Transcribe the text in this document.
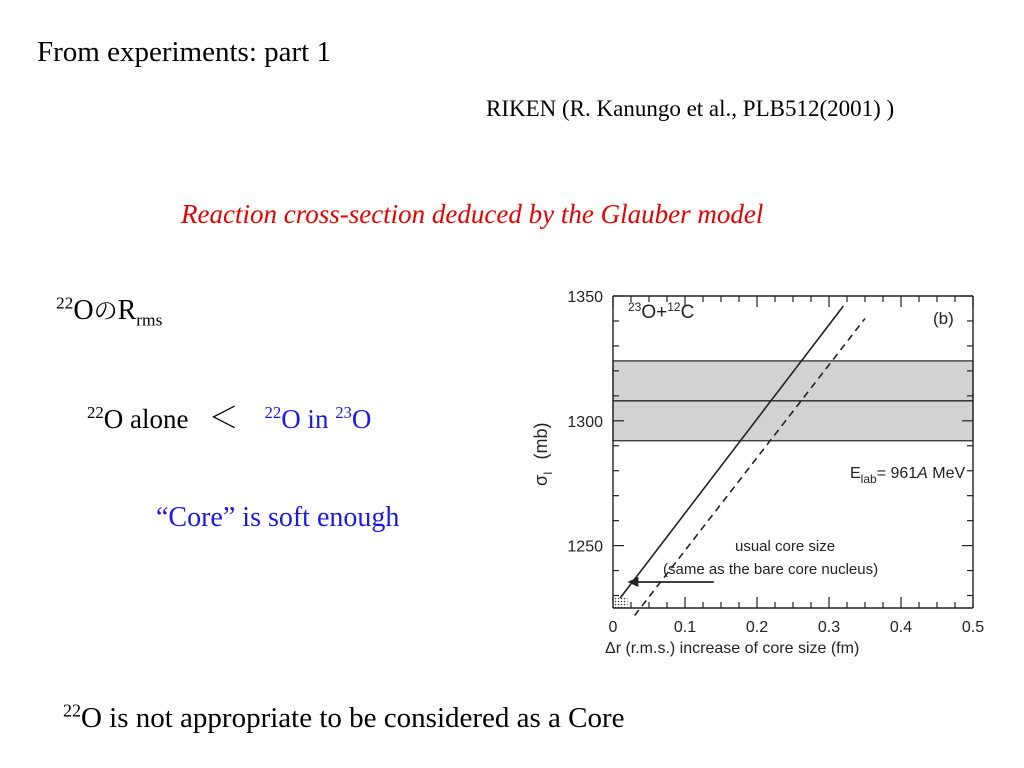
From experiments: part 1
RIKEN (R. Kanungo et al., PLB512(2001) )
Reaction cross-section deduced by the Glauber model
$^{22}$Oの$R_{rms}$
$^{22}$O alone ＜ $^{22}$O in $^{23}$O
“Core” is soft enough
$^{22}$O is not appropriate to be considered as a Core
0	0.1	0.2	0.3	0.4	0.5
1250
1300
1350
$^{23}$O+$^{12}$C	(b)
$E_{lab}= 961A$ MeV
usual core size
(same as the bare core nucleus)
$\sigma_I(mb)$
Δr (r.m.s.) increase of core size (fm)
